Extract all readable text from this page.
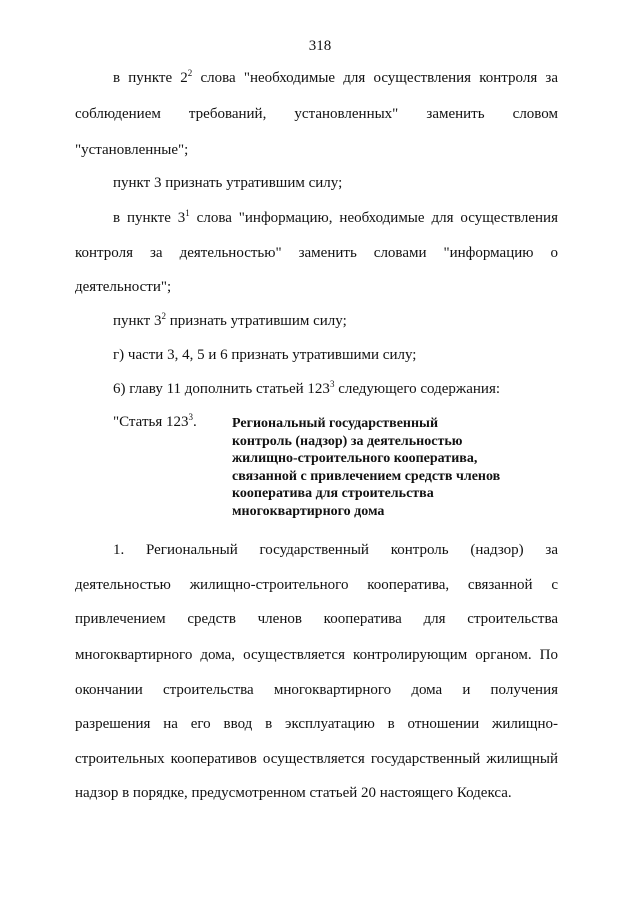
318
в пункте $2^2$ слова "необходимые для осуществления контроля за
соблюдением требований, установленных" заменить словом
"установленные";
пункт 3 признать утратившим силу;
в пункте $3^1$ слова "информацию, необходимые для осуществления
контроля за деятельностью" заменить словами "информацию о
деятельности";
пункт $3^2$ признать утратившим силу;
г) части 3, 4, 5 и 6 признать утратившими силу;
6) главу 11 дополнить статьей $123^3$ следующего содержания:
"Статья $123^3$.	Региональный государственный
контроль (надзор) за деятельностью
жилищно-строительного кооператива,
связанной с привлечением средств членов
кооператива для строительства
многоквартирного дома
1. Региональный государственный контроль (надзор) за
деятельностью жилищно-строительного кооператива, связанной с
привлечением средств членов кооператива для строительства
многоквартирного дома, осуществляется контролирующим органом. По
окончании строительства многоквартирного дома и получения
разрешения на его ввод в эксплуатацию в отношении жилищно-
строительных кооперативов осуществляется государственный жилищный
надзор в порядке, предусмотренном статьей 20 настоящего Кодекса.
